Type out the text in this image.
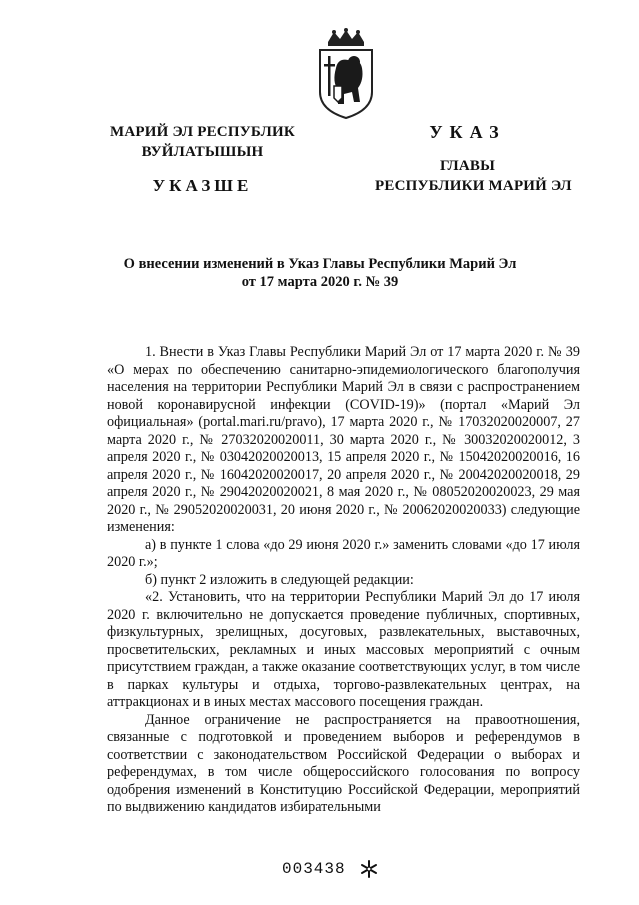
МАРИЙ ЭЛ РЕСПУБЛИК
ВУЙЛАТЫШЫН
УКАЗШЕ
УКАЗ
ГЛАВЫ
РЕСПУБЛИКИ МАРИЙ ЭЛ
О внесении изменений в Указ Главы Республики Марий Эл
от 17 марта 2020 г. № 39

1. Внести в Указ Главы Республики Марий Эл от 17 марта 2020 г. № 39 «О мерах по обеспечению санитарно-эпидемиологического благополучия населения на территории Республики Марий Эл в связи с распространением новой коронавирусной инфекции (COVID-19)» (портал «Марий Эл официальная» (portal.mari.ru/pravo), 17 марта 2020 г., № 17032020020007, 27 марта 2020 г., № 27032020020011, 30 марта 2020 г., № 30032020020012, 3 апреля 2020 г., № 03042020020013, 15 апреля 2020 г., № 15042020020016, 16 апреля 2020 г., № 16042020020017, 20 апреля 2020 г., № 20042020020018, 29 апреля 2020 г., № 29042020020021, 8 мая 2020 г., № 08052020020023, 29 мая 2020 г., № 29052020020031, 20 июня 2020 г., № 20062020020033) следующие изменения:

а) в пункте 1 слова «до 29 июня 2020 г.» заменить словами «до 17 июля 2020 г.»;

б) пункт 2 изложить в следующей редакции:

«2. Установить, что на территории Республики Марий Эл до 17 июля 2020 г. включительно не допускается проведение публичных, спортивных, физкультурных, зрелищных, досуговых, развлекательных, выставочных, просветительских, рекламных и иных массовых мероприятий с очным присутствием граждан, а также оказание соответствующих услуг, в том числе в парках культуры и отдыха, торгово-развлекательных центрах, на аттракционах и в иных местах массового посещения граждан.

Данное ограничение не распространяется на правоотношения, связанные с подготовкой и проведением выборов и референдумов в соответствии с законодательством Российской Федерации о выборах и референдумах, в том числе общероссийского голосования по вопросу одобрения изменений в Конституцию Российской Федерации, мероприятий по выдвижению кандидатов избирательными

003438
